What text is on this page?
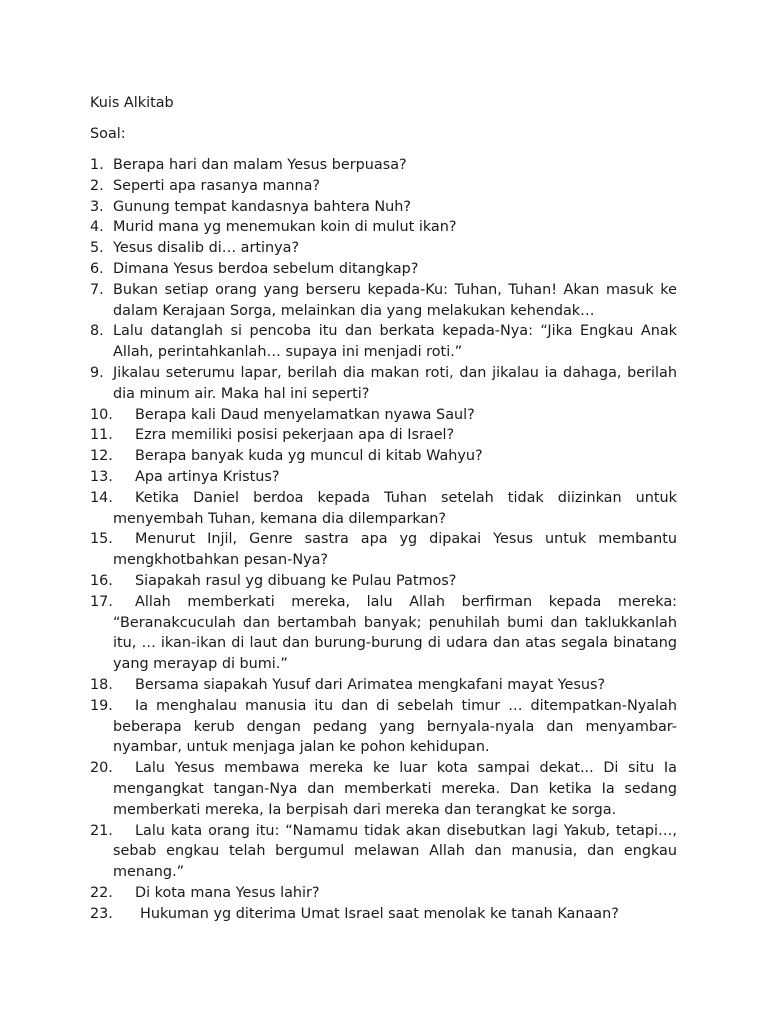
Kuis Alkitab
Soal:
1. Berapa hari dan malam Yesus berpuasa?
2. Seperti apa rasanya manna?
3. Gunung tempat kandasnya bahtera Nuh?
4. Murid mana yg menemukan koin di mulut ikan?
5. Yesus disalib di… artinya?
6. Dimana Yesus berdoa sebelum ditangkap?
7. Bukan setiap orang yang berseru kepada-Ku: Tuhan, Tuhan! Akan masuk ke dalam Kerajaan Sorga, melainkan dia yang melakukan kehendak…
8. Lalu datanglah si pencoba itu dan berkata kepada-Nya: “Jika Engkau Anak Allah, perintahkanlah… supaya ini menjadi roti.”
9. Jikalau seterumu lapar, berilah dia makan roti, dan jikalau ia dahaga, berilah dia minum air. Maka hal ini seperti?
10. Berapa kali Daud menyelamatkan nyawa Saul?
11. Ezra memiliki posisi pekerjaan apa di Israel?
12. Berapa banyak kuda yg muncul di kitab Wahyu?
13. Apa artinya Kristus?
14. Ketika Daniel berdoa kepada Tuhan setelah tidak diizinkan untuk menyembah Tuhan, kemana dia dilemparkan?
15. Menurut Injil, Genre sastra apa yg dipakai Yesus untuk membantu mengkhotbahkan pesan-Nya?
16. Siapakah rasul yg dibuang ke Pulau Patmos?
17. Allah memberkati mereka, lalu Allah berfirman kepada mereka: “Beranakcuculah dan bertambah banyak; penuhilah bumi dan taklukkanlah itu, … ikan-ikan di laut dan burung-burung di udara dan atas segala binatang yang merayap di bumi.”
18. Bersama siapakah Yusuf dari Arimatea mengkafani mayat Yesus?
19. Ia menghalau manusia itu dan di sebelah timur … ditempatkan-Nyalah beberapa kerub dengan pedang yang bernyala-nyala dan menyambar-nyambar, untuk menjaga jalan ke pohon kehidupan.
20. Lalu Yesus membawa mereka ke luar kota sampai dekat... Di situ Ia mengangkat tangan-Nya dan memberkati mereka. Dan ketika Ia sedang memberkati mereka, Ia berpisah dari mereka dan terangkat ke sorga.
21. Lalu kata orang itu: “Namamu tidak akan disebutkan lagi Yakub, tetapi…, sebab engkau telah bergumul melawan Allah dan manusia, dan engkau menang.”
22. Di kota mana Yesus lahir?
23. Hukuman yg diterima Umat Israel saat menolak ke tanah Kanaan?
